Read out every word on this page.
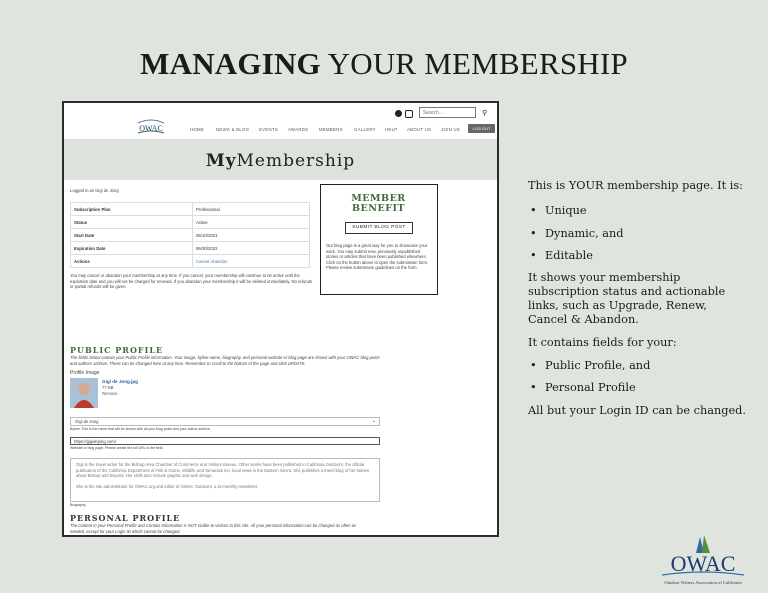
MANAGING YOUR MEMBERSHIP
OWAC
Search...	⚲
HOME	NEWS & BLOG EVENTS AWARDS MEMBERS	GALLERY HELP ABOUT US JOIN US	LOG OUT
MyMembership
Logged in as Gigi de Jong
Subscription Plan	Professional
Status	Active
Start Date	06/10/2021
Expiration Date	06/30/2022
Actions	Cancel Abandon
You may cancel or abandon your membership at any time. If you cancel, your membership will continue to be active until the expiration date and you will not be charged for renewal. If you abandon your membership it will be deleted immediately. No refunds or partial refunds will be given.
MEMBER
BENEFIT
SUBMIT BLOG POST
Our blog page is a great way for you to showcase your work. You may submit new, previously unpublished stories or articles that have been published elsewhere. Click on the button above to open the submission form. Please review submission guidelines on the form.
PUBLIC PROFILE
The fields below contain your Public Profile information. Your image, byline name, biography, and personal website or blog page are shown with your OWAC blog posts and authors archive. These can be changed here at any time. Remember to scroll to the bottom of the page and click UPDATE.
Profile Image
Gigi de Jong.jpg
?? KB
Remove
Gigi de Jong	⌄
Byline: This is the name that will be shown with all your blog posts and your author archive.
https://gigidejong.com/
Website or blog page. Please create the full URL in the field.
Gigi is the travel writer for the Bishop Area Chamber of Commerce and Visitors Bureau. Other works have been published in California Outdoors, the official publication of the California Department of Fish & Game, Wildlife and Tamarack inn, local news in the Eastern Sierra. She publishes a travel blog of her stories about Bishop and beyond. Her skills also include graphic and web design.
She is the site administrator for OWAC.org and editor of OWAC Outdoors, a bi-monthly newsletter.
Biography
PERSONAL PROFILE
The content in your Personal Profile and Contact Information is NOT visible to visitors to this site. All your personal information can be changed as often as needed, except for your Login ID which cannot be changed.

This is YOUR membership page. It is:

• Unique
• Dynamic, and
• Editable

It shows your membership subscription status and actionable links, such as Upgrade, Renew, Cancel & Abandon.

It contains fields for your:

• Public Profile, and
• Personal Profile

All but your Login ID can be changed.

OWAC
Outdoor Writers Association of California
